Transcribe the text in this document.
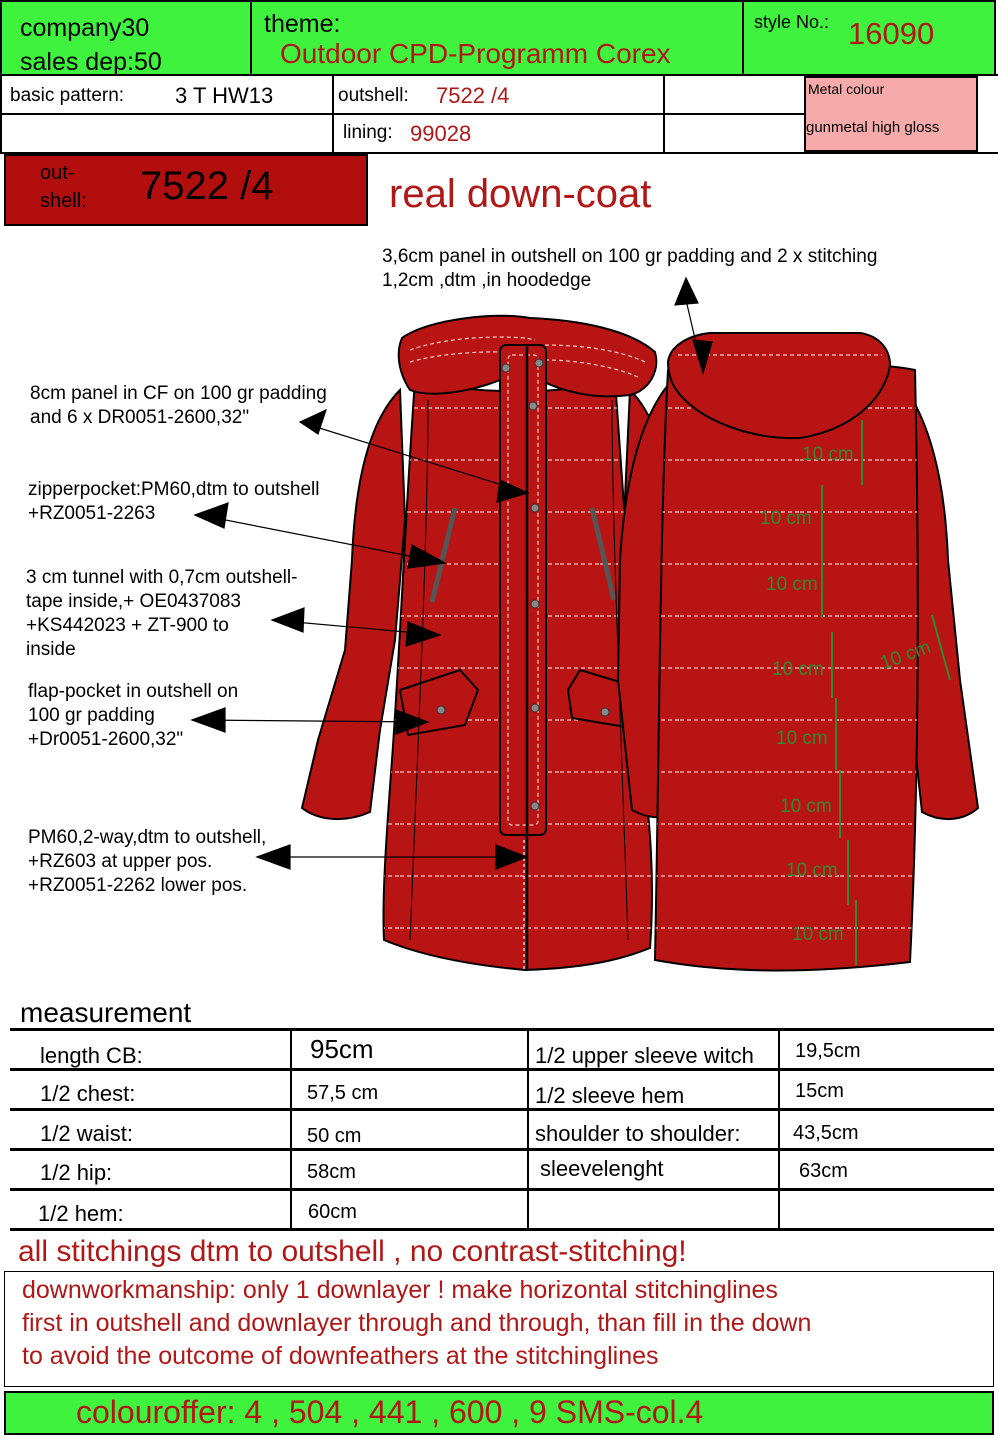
company30
sales dep:50
theme:
Outdoor CPD-Programm Corex
style No.: 16090
basic pattern: 3 T HW13	outshell: 7522 /4
lining: 99028
Metal colour
gunmetal high gloss
out-
shell: 7522 /4	real down-coat
3,6cm panel in outshell on 100 gr padding and 2 x stitching
1,2cm ,dtm ,in hoodedge
8cm panel in CF on 100 gr padding
and 6 x DR0051-2600,32"
zipperpocket:PM60,dtm to outshell
+RZ0051-2263
3 cm tunnel with 0,7cm outshell-
tape inside,+ OE0437083
+KS442023 + ZT-900 to
inside
flap-pocket in outshell on
100 gr padding
+Dr0051-2600,32"
PM60,2-way,dtm to outshell,
+RZ603 at upper pos.
+RZ0051-2262 lower pos.
10 cm
10 cm
10 cm
10 cm
10 cm
10 cm
10 cm
10 cm
10 cm
measurement
length CB:	95cm	1/2 upper sleeve witch 19,5cm
1/2 chest:	57,5 cm	1/2 sleeve hem	15cm
1/2 waist:	50 cm	shoulder to shoulder:	43,5cm
1/2 hip:	58cm	sleevelenght	63cm
1/2 hem:	60cm
all stitchings dtm to outshell , no contrast-stitching!
downworkmanship: only 1 downlayer ! make horizontal stitchinglines
first in outshell and downlayer through and through, than fill in the down
to avoid the outcome of downfeathers at the stitchinglines
colouroffer: 4 , 504 , 441 , 600 , 9 SMS-col.4
